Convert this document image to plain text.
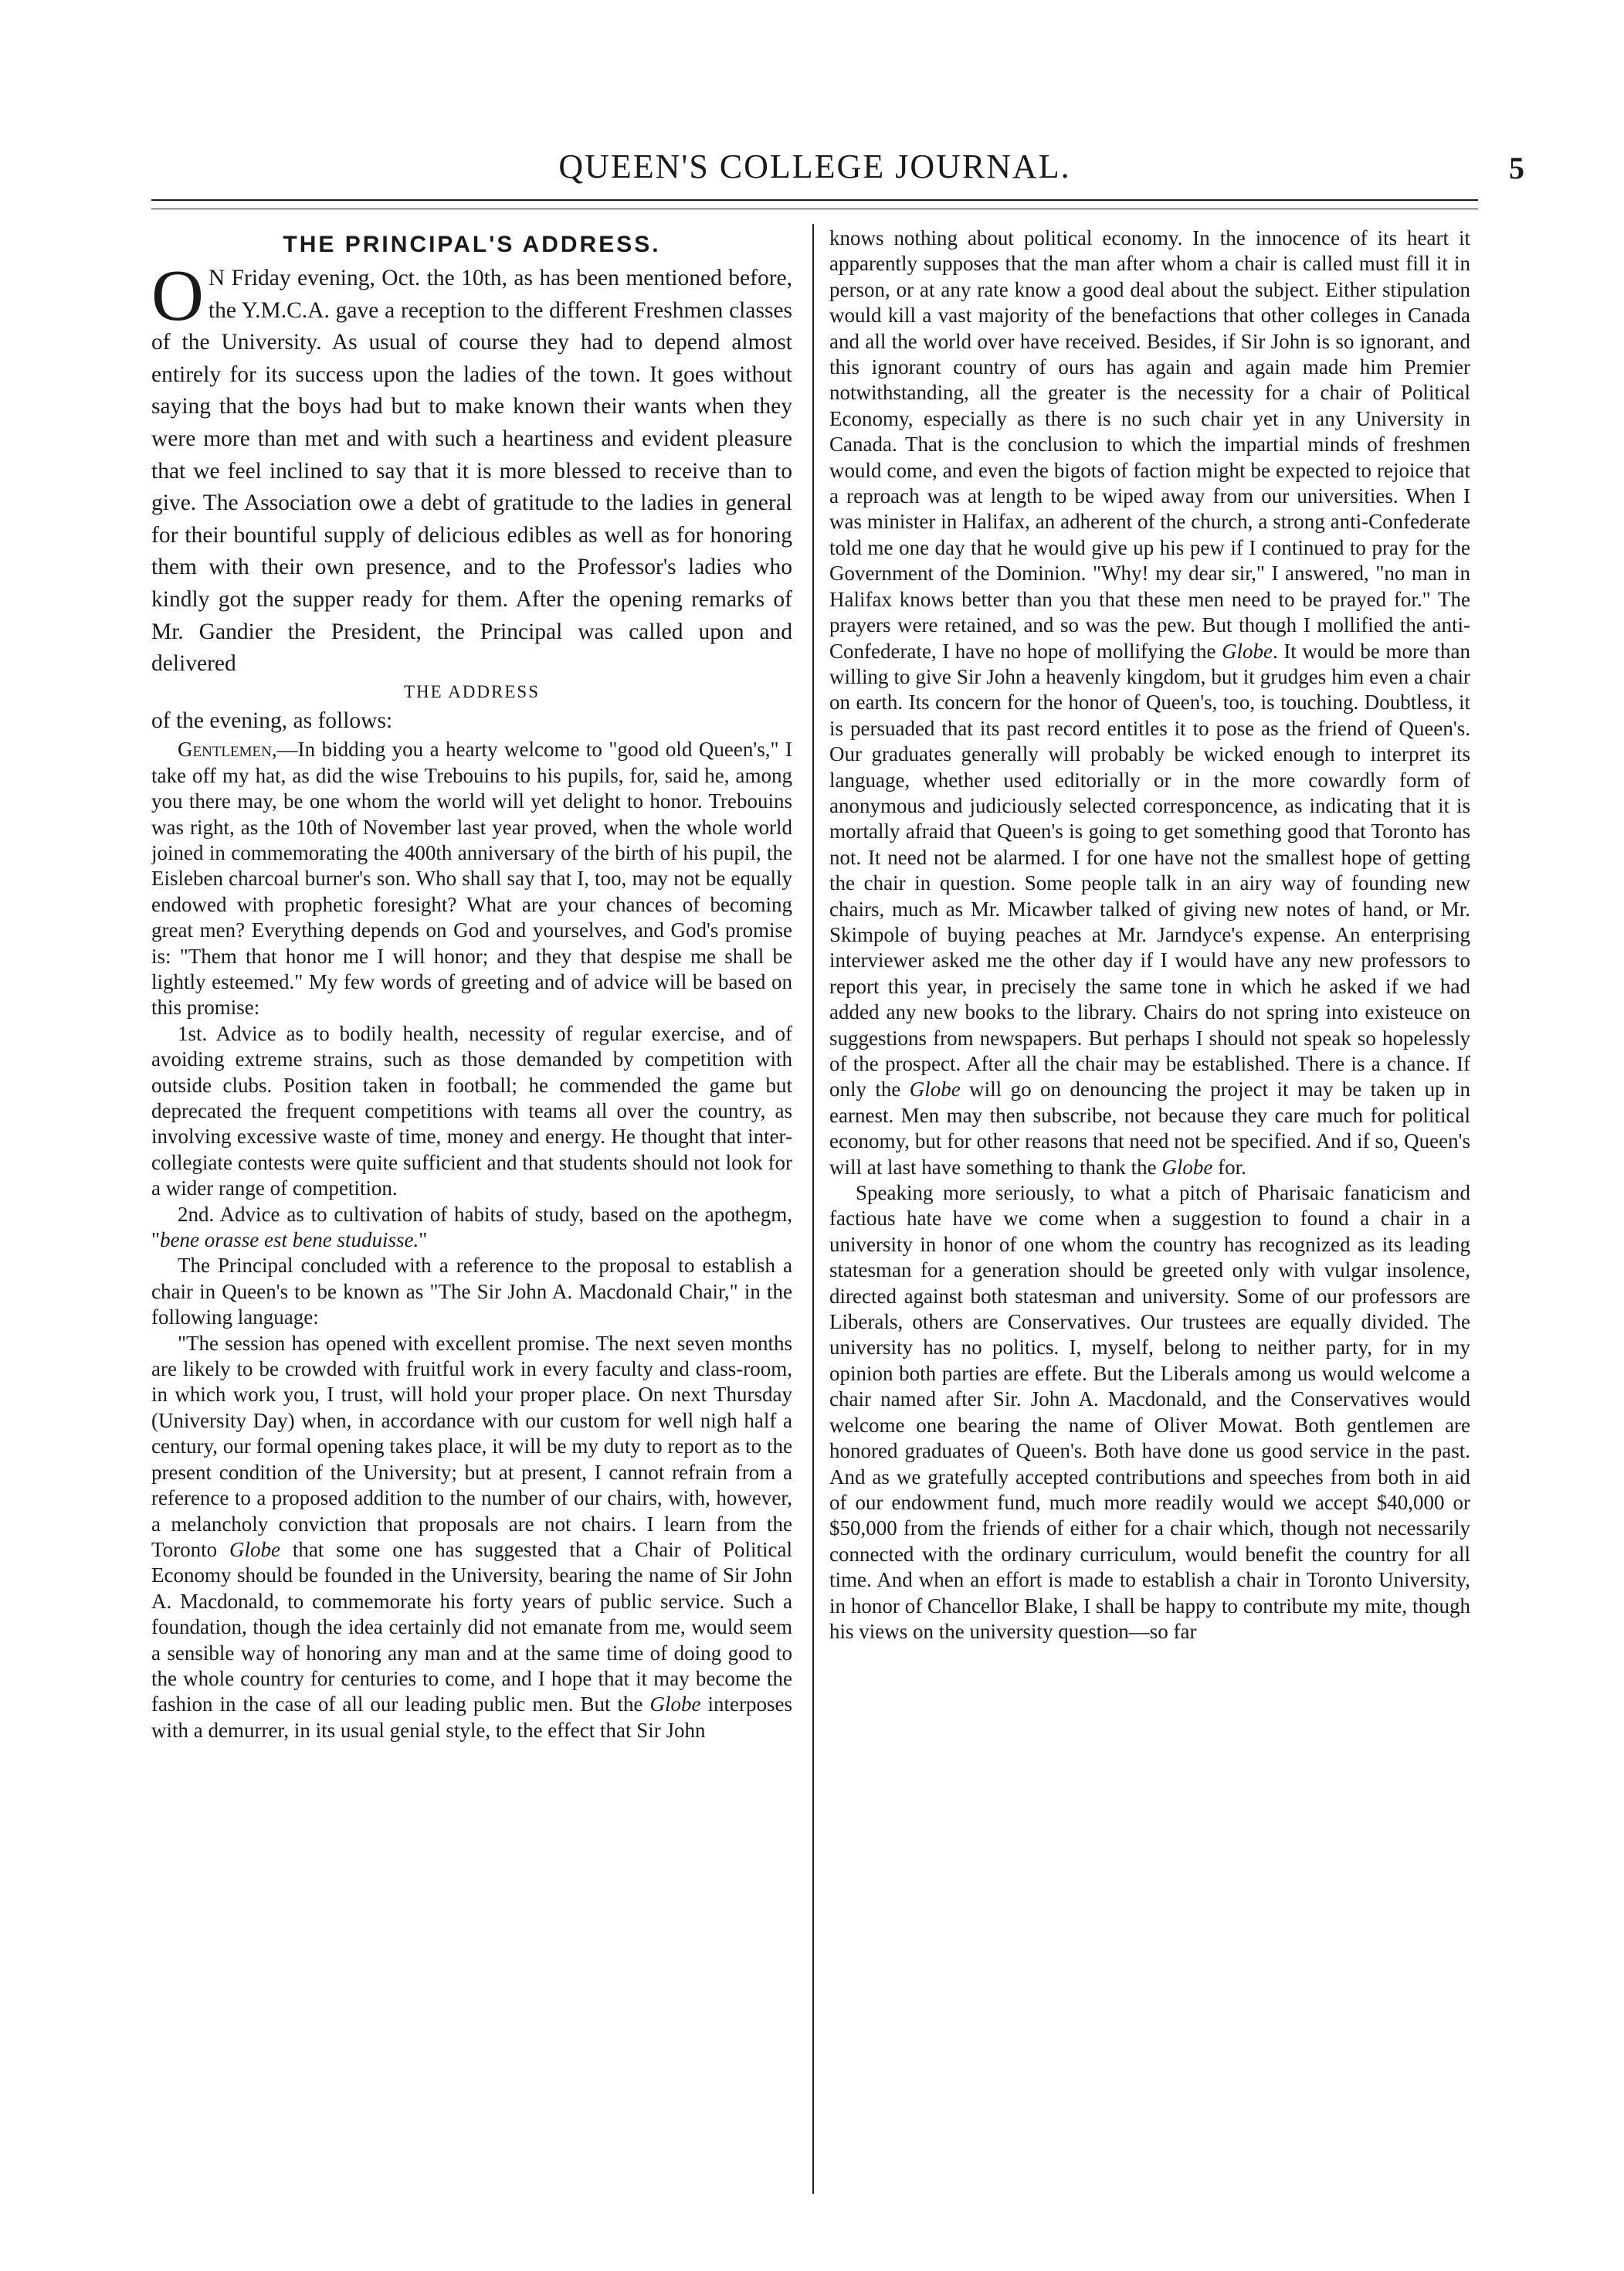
QUEEN'S COLLEGE JOURNAL.	5
THE PRINCIPAL'S ADDRESS.

O N Friday evening, Oct. the 10th, as has been mentioned before, the Y.M.C.A. gave a reception to the different Freshmen classes of the University. As usual of course they had to depend almost entirely for its success upon the ladies of the town. It goes without saying that the boys had but to make known their wants when they were more than met and with such a heartiness and evident pleasure that we feel inclined to say that it is more blessed to receive than to give. The Association owe a debt of gratitude to the ladies in general for their bountiful supply of delicious edibles as well as for honoring them with their own presence, and to the Professor's ladies who kindly got the supper ready for them. After the opening remarks of Mr. Gandier the President, the Principal was called upon and delivered

THE ADDRESS

of the evening, as follows:

Gentlemen,—In bidding you a hearty welcome to "good old Queen's," I take off my hat, as did the wise Trebouins to his pupils, for, said he, among you there may, be one whom the world will yet delight to honor. Trebouins was right, as the 10th of November last year proved, when the whole world joined in commemorating the 400th anniversary of the birth of his pupil, the Eisleben charcoal burner's son. Who shall say that I, too, may not be equally endowed with prophetic foresight? What are your chances of becoming great men? Everything depends on God and yourselves, and God's promise is: "Them that honor me I will honor; and they that despise me shall be lightly esteemed." My few words of greeting and of advice will be based on this promise:

1st. Advice as to bodily health, necessity of regular exercise, and of avoiding extreme strains, such as those demanded by competition with outside clubs. Position taken in football; he commended the game but deprecated the frequent competitions with teams all over the country, as involving excessive waste of time, money and energy. He thought that inter-collegiate contests were quite sufficient and that students should not look for a wider range of competition.

2nd. Advice as to cultivation of habits of study, based on the apothegm, "bene orasse est bene studuisse."

The Principal concluded with a reference to the proposal to establish a chair in Queen's to be known as "The Sir John A. Macdonald Chair," in the following language:

"The session has opened with excellent promise. The next seven months are likely to be crowded with fruitful work in every faculty and class-room, in which work you, I trust, will hold your proper place. On next Thursday (University Day) when, in accordance with our custom for well nigh half a century, our formal opening takes place, it will be my duty to report as to the present condition of the University; but at present, I cannot refrain from a reference to a proposed addition to the number of our chairs, with, however, a melancholy conviction that proposals are not chairs. I learn from the Toronto Globe that some one has suggested that a Chair of Political Economy should be founded in the University, bearing the name of Sir John A. Macdonald, to commemorate his forty years of public service. Such a foundation, though the idea certainly did not emanate from me, would seem a sensible way of honoring any man and at the same time of doing good to the whole country for centuries to come, and I hope that it may become the fashion in the case of all our leading public men. But the Globe interposes with a demurrer, in its usual genial style, to the effect that Sir John

knows nothing about political economy. In the innocence of its heart it apparently supposes that the man after whom a chair is called must fill it in person, or at any rate know a good deal about the subject. Either stipulation would kill a vast majority of the benefactions that other colleges in Canada and all the world over have received. Besides, if Sir John is so ignorant, and this ignorant country of ours has again and again made him Premier notwithstanding, all the greater is the necessity for a chair of Political Economy, especially as there is no such chair yet in any University in Canada. That is the conclusion to which the impartial minds of freshmen would come, and even the bigots of faction might be expected to rejoice that a reproach was at length to be wiped away from our universities. When I was minister in Halifax, an adherent of the church, a strong anti-Confederate told me one day that he would give up his pew if I continued to pray for the Government of the Dominion. "Why! my dear sir," I answered, "no man in Halifax knows better than you that these men need to be prayed for." The prayers were retained, and so was the pew. But though I mollified the anti-Confederate, I have no hope of mollifying the Globe. It would be more than willing to give Sir John a heavenly kingdom, but it grudges him even a chair on earth. Its concern for the honor of Queen's, too, is touching. Doubtless, it is persuaded that its past record entitles it to pose as the friend of Queen's. Our graduates generally will probably be wicked enough to interpret its language, whether used editorially or in the more cowardly form of anonymous and judiciously selected corresponcence, as indicating that it is mortally afraid that Queen's is going to get something good that Toronto has not. It need not be alarmed. I for one have not the smallest hope of getting the chair in question. Some people talk in an airy way of founding new chairs, much as Mr. Micawber talked of giving new notes of hand, or Mr. Skimpole of buying peaches at Mr. Jarndyce's expense. An enterprising interviewer asked me the other day if I would have any new professors to report this year, in precisely the same tone in which he asked if we had added any new books to the library. Chairs do not spring into existeuce on suggestions from newspapers. But perhaps I should not speak so hopelessly of the prospect. After all the chair may be established. There is a chance. If only the Globe will go on denouncing the project it may be taken up in earnest. Men may then subscribe, not because they care much for political economy, but for other reasons that need not be specified. And if so, Queen's will at last have something to thank the Globe for.

Speaking more seriously, to what a pitch of Pharisaic fanaticism and factious hate have we come when a suggestion to found a chair in a university in honor of one whom the country has recognized as its leading statesman for a generation should be greeted only with vulgar insolence, directed against both statesman and university. Some of our professors are Liberals, others are Conservatives. Our trustees are equally divided. The university has no politics. I, myself, belong to neither party, for in my opinion both parties are effete. But the Liberals among us would welcome a chair named after Sir. John A. Macdonald, and the Conservatives would welcome one bearing the name of Oliver Mowat. Both gentlemen are honored graduates of Queen's. Both have done us good service in the past. And as we gratefully accepted contributions and speeches from both in aid of our endowment fund, much more readily would we accept $40,000 or $50,000 from the friends of either for a chair which, though not necessarily connected with the ordinary curriculum, would benefit the country for all time. And when an effort is made to establish a chair in Toronto University, in honor of Chancellor Blake, I shall be happy to contribute my mite, though his views on the university question—so far
